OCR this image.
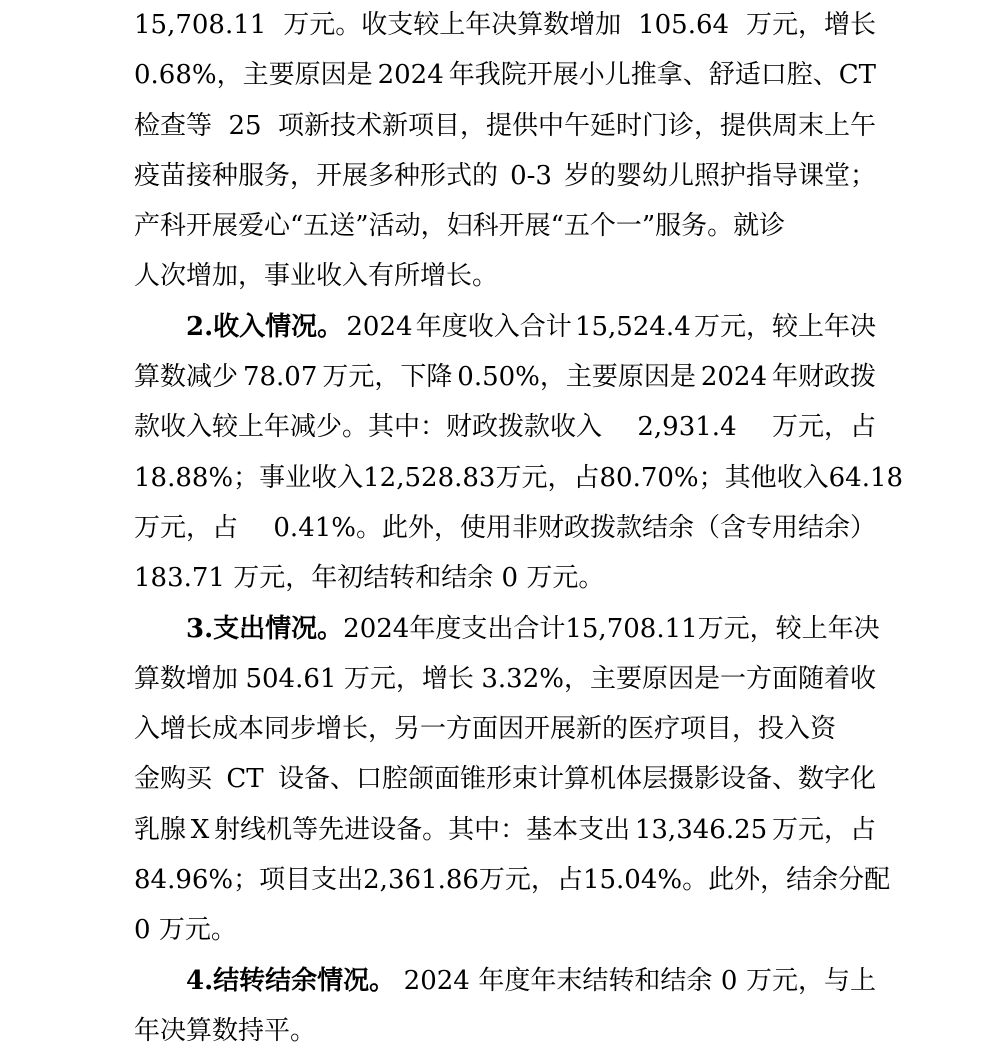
15,708.11 万元。收支较上年决算数增加 105.64 万元，增长
0.68%，主要原因是 2024 年我院开展小儿推拿、舒适口腔、CT
检查等 25 项新技术新项目，提供中午延时门诊，提供周末上午
疫苗接种服务，开展多种形式的 0-3 岁的婴幼儿照护指导课堂；
产科开展爱心“五送”活动，妇科开展“五个一”服务。就诊
人次增加，事业收入有所增长。
2.收入情况。 2024 年度收入合计 15,524.4 万元，较上年决
算数减少 78.07 万元，下降 0.50%，主要原因是 2024 年财政拨
款收入较上年减少。其中：财政拨款收入 2,931.4 万元，占
18.88%；事业收入 12,528.83 万元，占 80.70%；其他收入 64.18
万元，占 0.41%。此外，使用非财政拨款结余（含专用结余）
183.71
万元，年初结转和结余
0
万元。
3.支出情况。 2024 年度支出合计 15,708.11 万元，较上年决
算数增加 504.61 万元，增长 3.32%，主要原因是一方面随着收
入增长成本同步增长，另一方面因开展新的医疗项目，投入资
金购买 CT 设备、口腔颌面锥形束计算机体层摄影设备、数字化
乳腺 X 射线机等先进设备。其中：基本支出 13,346.25 万元，占
84.96%；项目支出 2,361.86 万元，占 15.04%。此外，结余分配
0
万元。
4.结转结余情况。 2024 年度年末结转和结余 0 万元，与上
年决算数持平。
